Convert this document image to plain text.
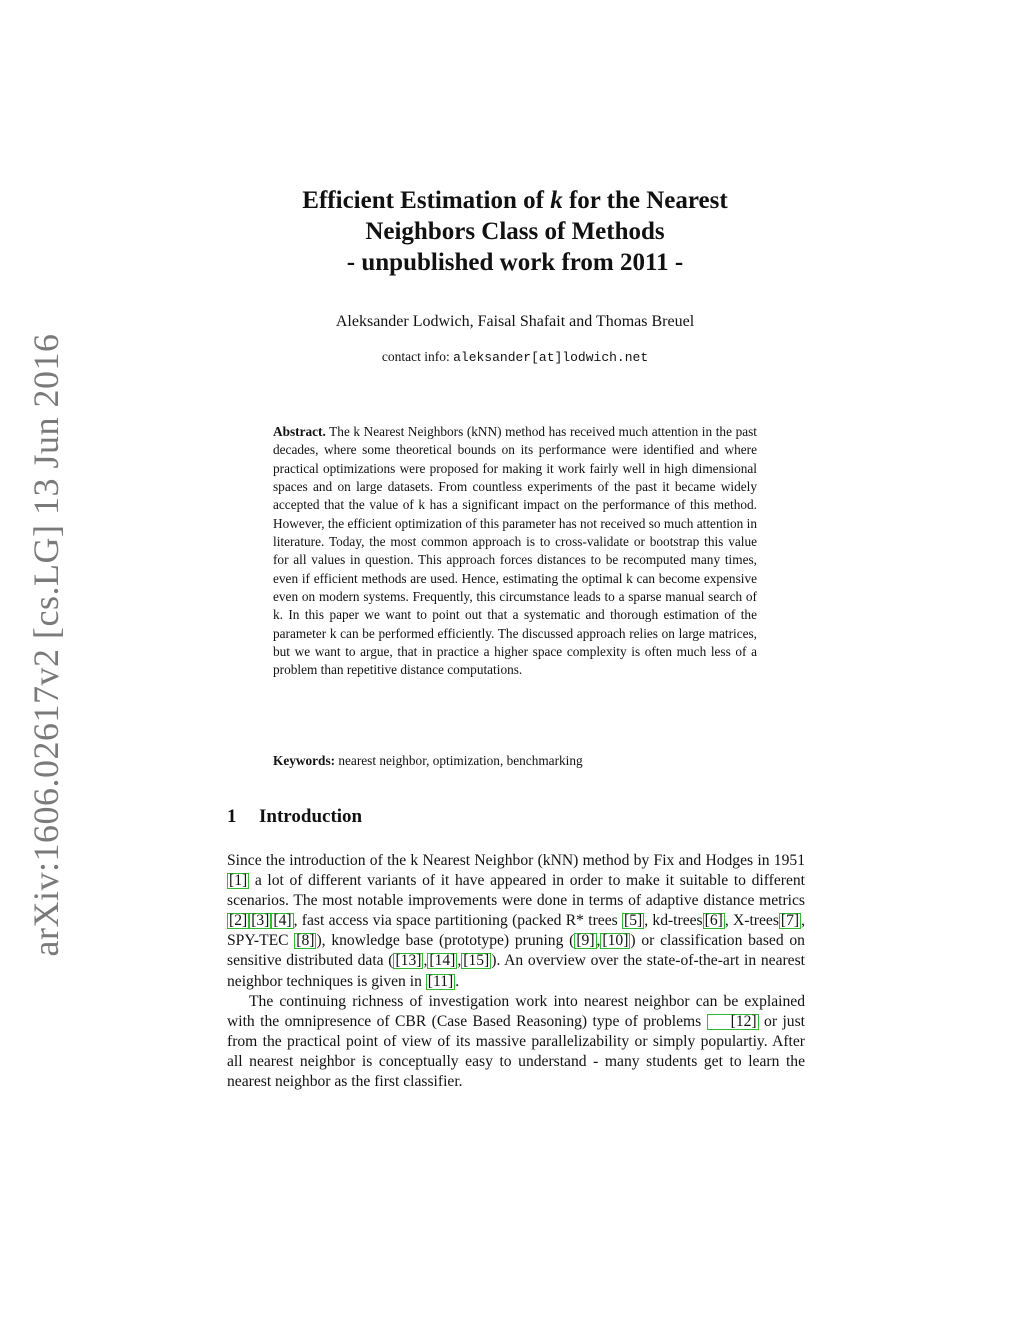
arXiv:1606.02617v2 [cs.LG] 13 Jun 2016
Efficient Estimation of k for the Nearest
Neighbors Class of Methods
- unpublished work from 2011 -
Aleksander Lodwich, Faisal Shafait and Thomas Breuel
contact info: aleksander[at]lodwich.net

Abstract. The k Nearest Neighbors (kNN) method has received much attention in the past decades, where some theoretical bounds on its performance were identified and where practical optimizations were proposed for making it work fairly well in high dimensional spaces and on large datasets. From countless experiments of the past it became widely accepted that the value of k has a significant impact on the performance of this method. However, the efficient optimization of this parameter has not received so much attention in literature. Today, the most common approach is to cross-validate or bootstrap this value for all values in question. This approach forces distances to be recomputed many times, even if efficient methods are used. Hence, estimating the optimal k can become expensive even on modern systems. Frequently, this circumstance leads to a sparse manual search of k. In this paper we want to point out that a systematic and thorough estimation of the parameter k can be performed efficiently. The discussed approach relies on large matrices, but we want to argue, that in practice a higher space complexity is often much less of a problem than repetitive distance computations.

Keywords: nearest neighbor, optimization, benchmarking
1 Introduction

Since the introduction of the k Nearest Neighbor (kNN) method by Fix and Hodges in 1951 [1] a lot of different variants of it have appeared in order to make it suitable to different scenarios. The most notable improvements were done in terms of adaptive distance metrics [2] [3] [4] , fast access via space partitioning (packed R* trees [5] , kd-trees [6] , X-trees [7] , SPY-TEC [8] ), knowledge base (prototype) pruning ( [9] , [10] ) or classification based on sensitive distributed data ( [13] , [14] , [15] ). An overview over the state-of-the-art in nearest neighbor techniques is given in [11] .

The continuing richness of investigation work into nearest neighbor can be explained with the omnipresence of CBR (Case Based Reasoning) type of problems [12] or just from the practical point of view of its massive parallelizability or simply populartiy. After all nearest neighbor is conceptually easy to understand - many students get to learn the nearest neighbor as the first classifier.
